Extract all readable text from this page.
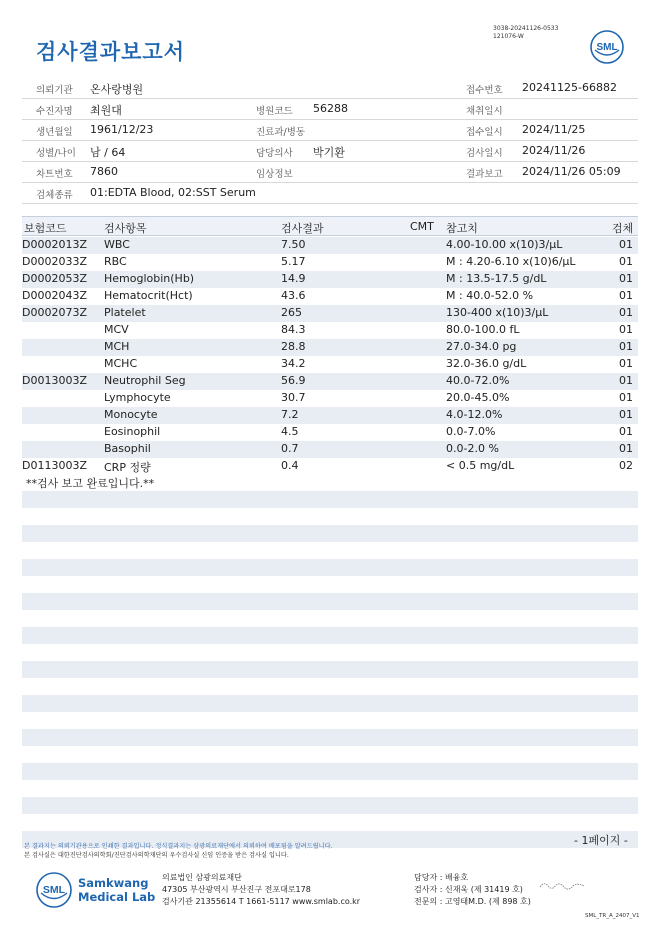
검사결과보고서
3038-20241126-0533
121076-W
SML
의뢰기관 온사랑병원	접수번호 20241125-66882
수진자명 최원대	병원코드 56288	채취일시
생년월일 1961/12/23	진료과/병동	접수일시 2024/11/25
성별/나이 남 / 64	담당의사 박기환	검사일시 2024/11/26
차트번호 7860	임상정보	결과보고 2024/11/26 05:09
검체종류 01:EDTA Blood, 02:SST Serum
보험코드	검사항목	검사결과	CMT 참고치	검체
D0002013Z WBC	7.50	4.00-10.00 x(10)3/μL	01
D0002033Z RBC	5.17	M : 4.20-6.10 x(10)6/μL	01
D0002053Z Hemoglobin(Hb)	14.9	M : 13.5-17.5 g/dL	01
D0002043Z Hematocrit(Hct)	43.6	M : 40.0-52.0 %	01
D0002073Z Platelet	265	130-400 x(10)3/μL	01
MCV	84.3	80.0-100.0 fL	01
MCH	28.8	27.0-34.0 pg	01
MCHC	34.2	32.0-36.0 g/dL	01
D0013003Z Neutrophil Seg	56.9	40.0-72.0%	01
Lymphocyte	30.7	20.0-45.0%	01
Monocyte	7.2	4.0-12.0%	01
Eosinophil	4.5	0.0-7.0%	01
Basophil	0.7	0.0-2.0 %	01
D0113003Z CRP 정량	0.4	< 0.5 mg/dL	02
**검사 보고 완료입니다.**
- 1페이지 -
본 결과지는 의뢰기관용으로 인쇄한 결과입니다. 정식결과지는 삼광의료재단에서 의뢰하여 배포됨을 알려드립니다.
본 검사실은 대한진단검사의학회/진단검사의학재단의 우수검사실 신임 인증을 받은 검사실 입니다.
SML Samkwang
Medical Lab
의료법인 삼광의료재단
47305 부산광역시 부산진구 전포대로178
검사기관 21355614 T 1661-5117 www.smlab.co.kr
담당자 : 배융호
검사자 : 신재욱 (제 31419 호)
전문의 : 고영태M.D. (제 898 호)
SML_TR_A_2407_V1
